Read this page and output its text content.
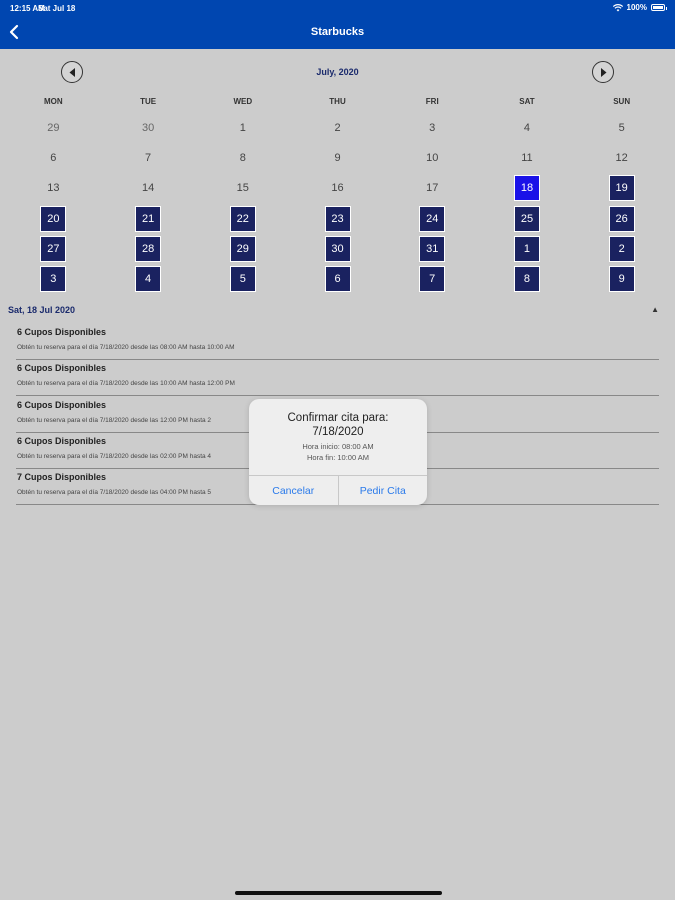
12:15 AM
Sat Jul 18	100%
Starbucks
July, 2020
MON	TUE	WED	THU	FRI	SAT	SUN
29	30	1	2	3	4	5
6	7	8	9	10	11	12
13	14	15	16	17	18	19
20	21	22	23	24	25	26
27	28	29	30	31	1	2
3	4	5	6	7	8	9
Sat, 18 Jul 2020	▲
6 Cupos Disponibles
Obtén tu reserva para el día 7/18/2020 desde las 08:00 AM hasta 10:00 AM
6 Cupos Disponibles
Obtén tu reserva para el día 7/18/2020 desde las 10:00 AM hasta 12:00 PM
6 Cupos Disponibles
Obtén tu reserva para el día 7/18/2020 desde las 12:00 PM hasta 2
6 Cupos Disponibles
Obtén tu reserva para el día 7/18/2020 desde las 02:00 PM hasta 4
7 Cupos Disponibles
Obtén tu reserva para el día 7/18/2020 desde las 04:00 PM hasta 5
Confirmar cita para:
7/18/2020
Hora inicio: 08:00 AM
Hora fin: 10:00 AM
Cancelar	Pedir Cita
